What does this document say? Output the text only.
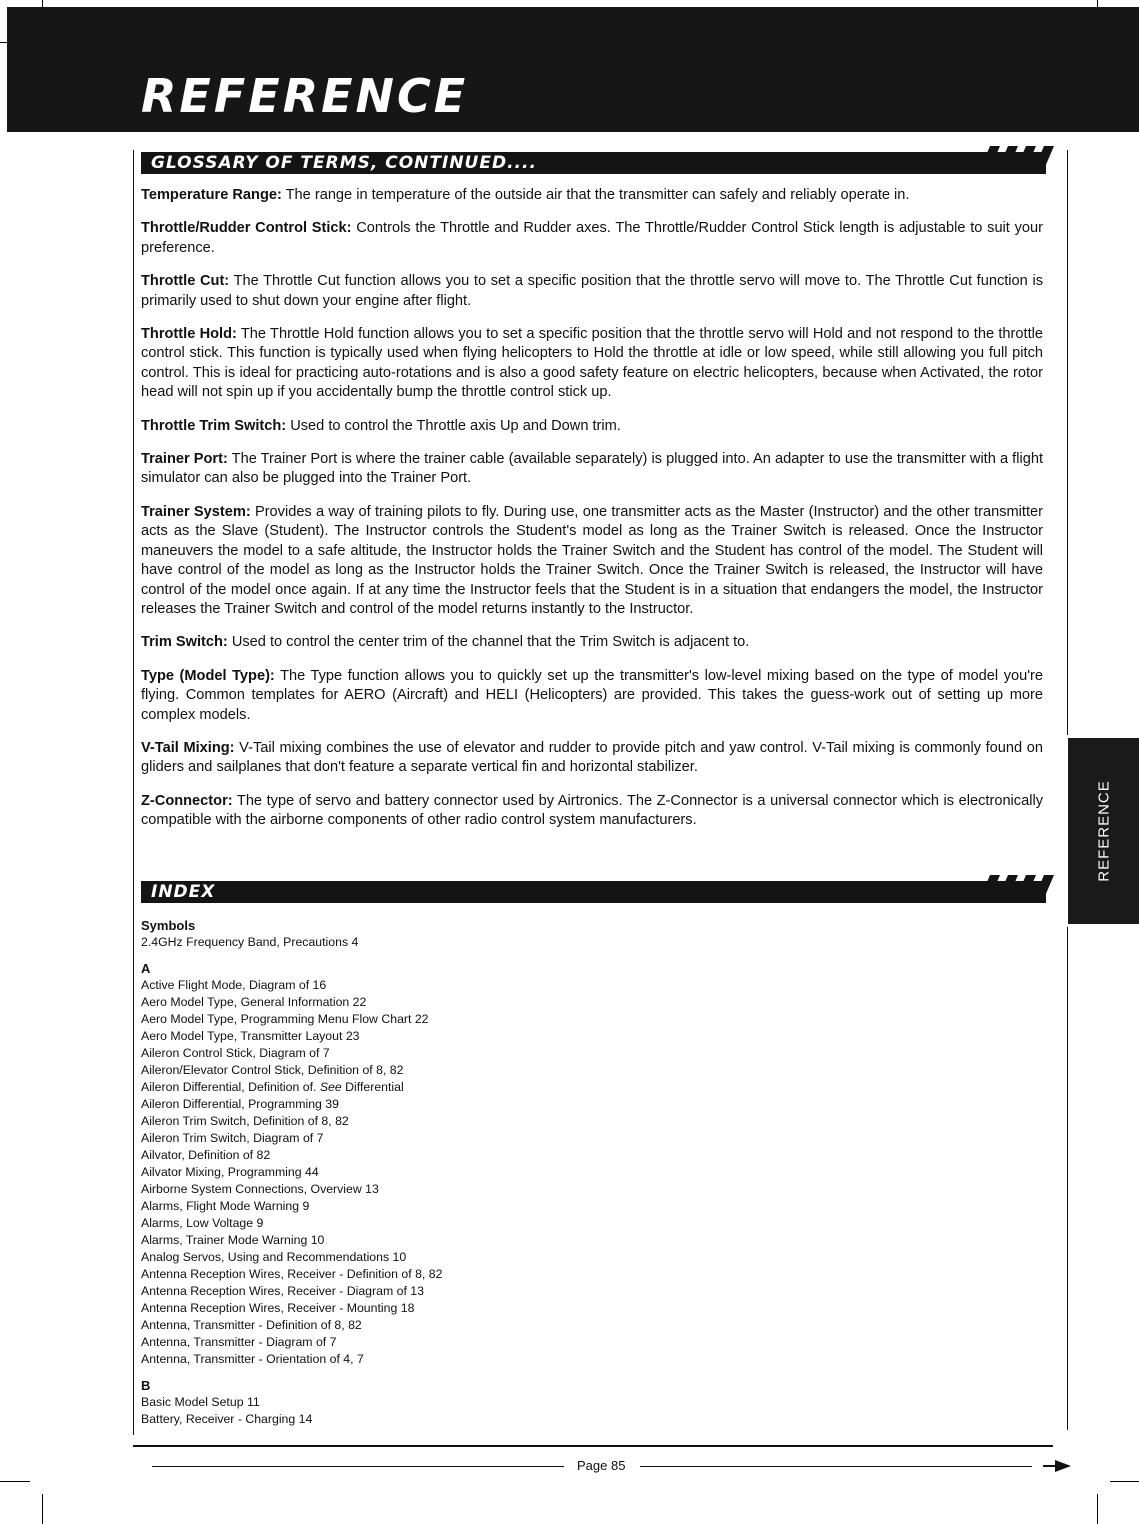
REFERENCE
GLOSSARY OF TERMS, CONTINUED....

Temperature Range: The range in temperature of the outside air that the transmitter can safely and reliably operate in.

Throttle/Rudder Control Stick: Controls the Throttle and Rudder axes. The Throttle/Rudder Control Stick length is adjustable to suit your preference.

Throttle Cut: The Throttle Cut function allows you to set a specific position that the throttle servo will move to. The Throttle Cut function is primarily used to shut down your engine after flight.

Throttle Hold: The Throttle Hold function allows you to set a specific position that the throttle servo will Hold and not respond to the throttle control stick. This function is typically used when flying helicopters to Hold the throttle at idle or low speed, while still allowing you full pitch control. This is ideal for practicing auto-rotations and is also a good safety feature on electric helicopters, because when Activated, the rotor head will not spin up if you accidentally bump the throttle control stick up.

Throttle Trim Switch: Used to control the Throttle axis Up and Down trim.

Trainer Port: The Trainer Port is where the trainer cable (available separately) is plugged into. An adapter to use the transmitter with a flight simulator can also be plugged into the Trainer Port.

Trainer System: Provides a way of training pilots to fly. During use, one transmitter acts as the Master (Instructor) and the other transmitter acts as the Slave (Student). The Instructor controls the Student's model as long as the Trainer Switch is released. Once the Instructor maneuvers the model to a safe altitude, the Instructor holds the Trainer Switch and the Student has control of the model. The Student will have control of the model as long as the Instructor holds the Trainer Switch. Once the Trainer Switch is released, the Instructor will have control of the model once again. If at any time the Instructor feels that the Student is in a situation that endangers the model, the Instructor releases the Trainer Switch and control of the model returns instantly to the Instructor.

Trim Switch: Used to control the center trim of the channel that the Trim Switch is adjacent to.

Type (Model Type): The Type function allows you to quickly set up the transmitter's low-level mixing based on the type of model you're flying. Common templates for AERO (Aircraft) and HELI (Helicopters) are provided. This takes the guess-work out of setting up more complex models.

V-Tail Mixing: V-Tail mixing combines the use of elevator and rudder to provide pitch and yaw control. V-Tail mixing is commonly found on gliders and sailplanes that don't feature a separate vertical fin and horizontal stabilizer.

Z-Connector: The type of servo and battery connector used by Airtronics. The Z-Connector is a universal connector which is electronically compatible with the airborne components of other radio control system manufacturers.

INDEX
Symbols
2.4GHz Frequency Band, Precautions 4
A
Active Flight Mode, Diagram of 16
Aero Model Type, General Information 22
Aero Model Type, Programming Menu Flow Chart 22
Aero Model Type, Transmitter Layout 23
Aileron Control Stick, Diagram of 7
Aileron/Elevator Control Stick, Definition of 8, 82
Aileron Differential, Definition of. See Differential
Aileron Differential, Programming 39
Aileron Trim Switch, Definition of 8, 82
Aileron Trim Switch, Diagram of 7
Ailvator, Definition of 82
Ailvator Mixing, Programming 44
Airborne System Connections, Overview 13
Alarms, Flight Mode Warning 9
Alarms, Low Voltage 9
Alarms, Trainer Mode Warning 10
Analog Servos, Using and Recommendations 10
Antenna Reception Wires, Receiver - Definition of 8, 82
Antenna Reception Wires, Receiver - Diagram of 13
Antenna Reception Wires, Receiver - Mounting 18
Antenna, Transmitter - Definition of 8, 82
Antenna, Transmitter - Diagram of 7
Antenna, Transmitter - Orientation of 4, 7
B
Basic Model Setup 11
Battery, Receiver - Charging 14
REFERENCE
Page 85
